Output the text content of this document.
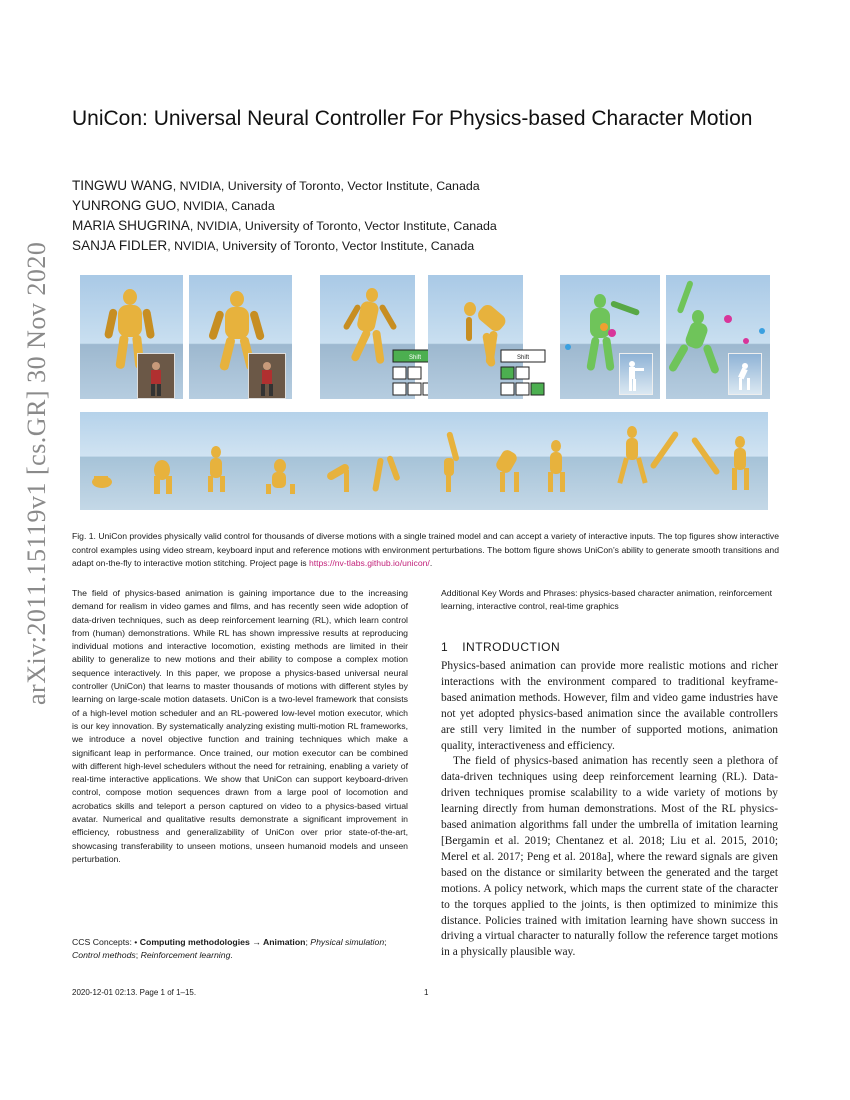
arXiv:2011.15119v1 [cs.GR] 30 Nov 2020
UniCon: Universal Neural Controller For Physics-based Character Motion
TINGWU WANG, NVIDIA, University of Toronto, Vector Institute, Canada
YUNRONG GUO, NVIDIA, Canada
MARIA SHUGRINA, NVIDIA, University of Toronto, Vector Institute, Canada
SANJA FIDLER, NVIDIA, University of Toronto, Vector Institute, Canada
Shift	Shift
Fig. 1. UniCon provides physically valid control for thousands of diverse motions with a single trained model and can accept a variety of interactive inputs. The top figures show interactive control examples using video stream, keyboard input and reference motions with environment perturbations. The bottom figure shows UniCon’s ability to generate smooth transitions and adapt on-the-fly to interactive motion stitching. Project page is https://nv-tlabs.github.io/unicon/.
The field of physics-based animation is gaining importance due to the increasing demand for realism in video games and films, and has recently seen wide adoption of data-driven techniques, such as deep reinforcement learning (RL), which learn control from (human) demonstrations. While RL has shown impressive results at reproducing individual motions and interactive locomotion, existing methods are limited in their ability to generalize to new motions and their ability to compose a complex motion sequence interactively. In this paper, we propose a physics-based universal neural controller (UniCon) that learns to master thousands of motions with different styles by learning on large-scale motion datasets. UniCon is a two-level framework that consists of a high-level motion scheduler and an RL-powered low-level motion executor, which is our key innovation. By systematically analyzing existing multi-motion RL frameworks, we introduce a novel objective function and training techniques which make a significant leap in performance. Once trained, our motion executor can be combined with different high-level schedulers without the need for retraining, enabling a variety of real-time interactive applications. We show that UniCon can support keyboard-driven control, compose motion sequences drawn from a large pool of locomotion and acrobatics skills and teleport a person captured on video to a physics-based virtual avatar. Numerical and qualitative results demonstrate a significant improvement in efficiency, robustness and generalizability of UniCon over prior state-of-the-art, showcasing transferability to unseen motions, unseen humanoid models and unseen perturbation.
CCS Concepts: • Computing methodologies → Animation; Physical simulation; Control methods; Reinforcement learning.
Additional Key Words and Phrases: physics-based character animation, reinforcement learning, interactive control, real-time graphics
1 INTRODUCTION

Physics-based animation can provide more realistic motions and richer interactions with the environment compared to traditional keyframe-based animation methods. However, film and video game industries have not yet adopted physics-based animation since the available controllers are still very limited in the number of supported motions, animation quality, interactiveness and efficiency.

The field of physics-based animation has recently seen a plethora of data-driven techniques using deep reinforcement learning (RL). Data-driven techniques promise scalability to a wide variety of motions by learning directly from human demonstrations. Most of the RL physics-based animation algorithms fall under the umbrella of imitation learning [Bergamin et al. 2019; Chentanez et al. 2018; Liu et al. 2015, 2010; Merel et al. 2017; Peng et al. 2018a], where the reward signals are given based on the distance or similarity between the generated and the target motions. A policy network, which maps the current state of the character to the torques applied to the joints, is then optimized to minimize this distance. Policies trained with imitation learning have shown success in driving a virtual character to naturally follow the reference target motions in a physically plausible way.

2020-12-01 02:13. Page 1 of 1–15.	1
